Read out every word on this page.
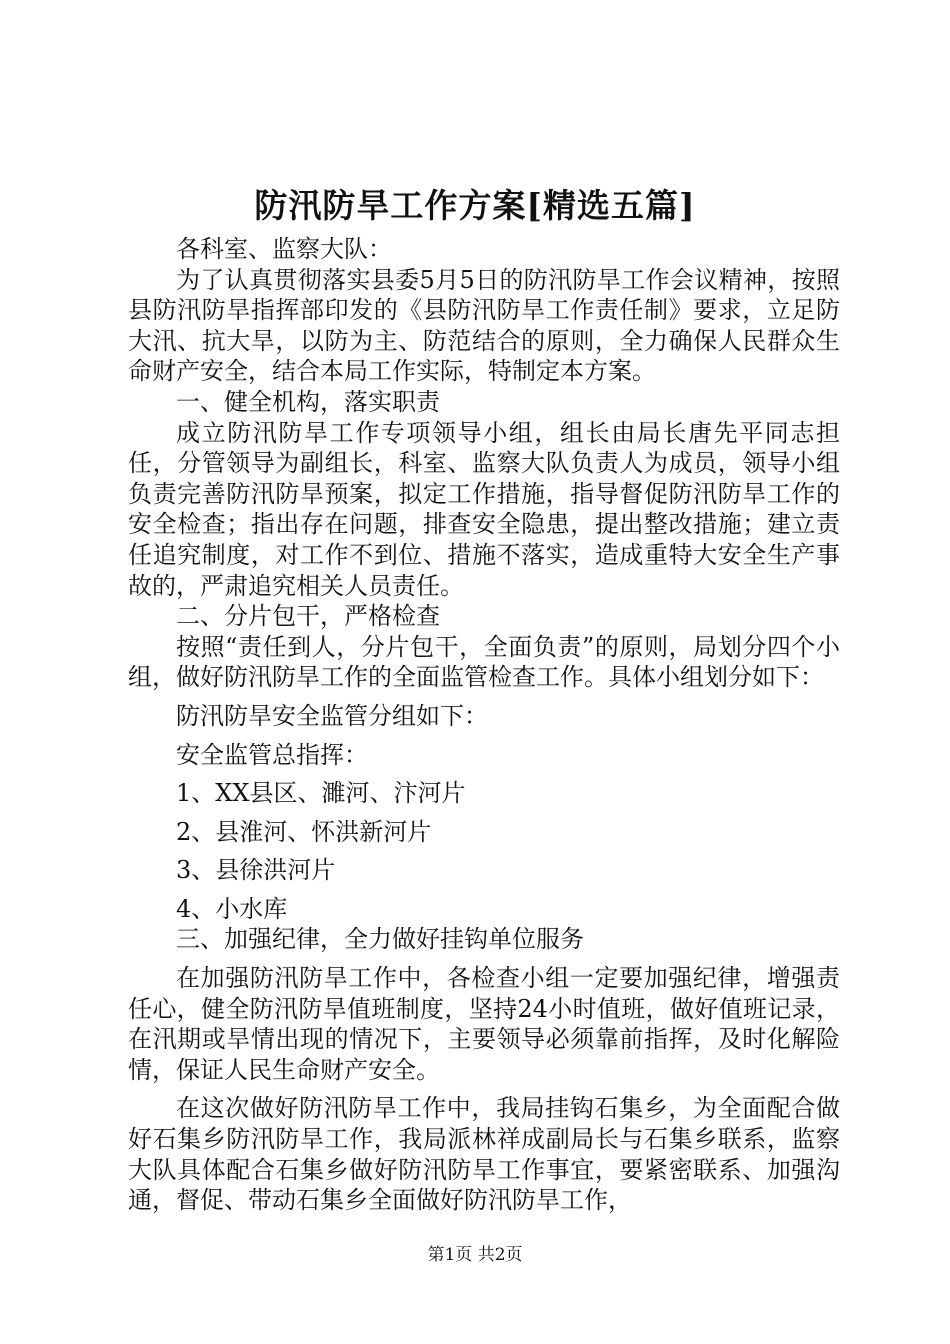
防汛防旱工作方案[精选五篇]

各科室、监察大队：

为了认真贯彻落实县委5月5日的防汛防旱工作会议精神，按照县防汛防旱指挥部印发的《县防汛防旱工作责任制》要求，立足防大汛、抗大旱，以防为主、防范结合的原则，全力确保人民群众生命财产安全，结合本局工作实际，特制定本方案。

一、健全机构，落实职责

成立防汛防旱工作专项领导小组，组长由局长唐先平同志担任，分管领导为副组长，科室、监察大队负责人为成员，领导小组负责完善防汛防旱预案，拟定工作措施，指导督促防汛防旱工作的安全检查；指出存在问题，排查安全隐患，提出整改措施；建立责任追究制度，对工作不到位、措施不落实，造成重特大安全生产事故的，严肃追究相关人员责任。

二、分片包干，严格检查

按照“责任到人，分片包干，全面负责”的原则，局划分四个小组，做好防汛防旱工作的全面监管检查工作。具体小组划分如下：

防汛防旱安全监管分组如下：

安全监管总指挥：

1、XX县区、濉河、汴河片

2、县淮河、怀洪新河片

3、县徐洪河片

4、小水库

三、加强纪律，全力做好挂钩单位服务

在加强防汛防旱工作中，各检查小组一定要加强纪律，增强责任心，健全防汛防旱值班制度，坚持24小时值班，做好值班记录，在汛期或旱情出现的情况下，主要领导必须靠前指挥，及时化解险情，保证人民生命财产安全。

在这次做好防汛防旱工作中，我局挂钩石集乡，为全面配合做好石集乡防汛防旱工作，我局派林祥成副局长与石集乡联系，监察大队具体配合石集乡做好防汛防旱工作事宜，要紧密联系、加强沟通，督促、带动石集乡全面做好防汛防旱工作，

第1页 共2页
